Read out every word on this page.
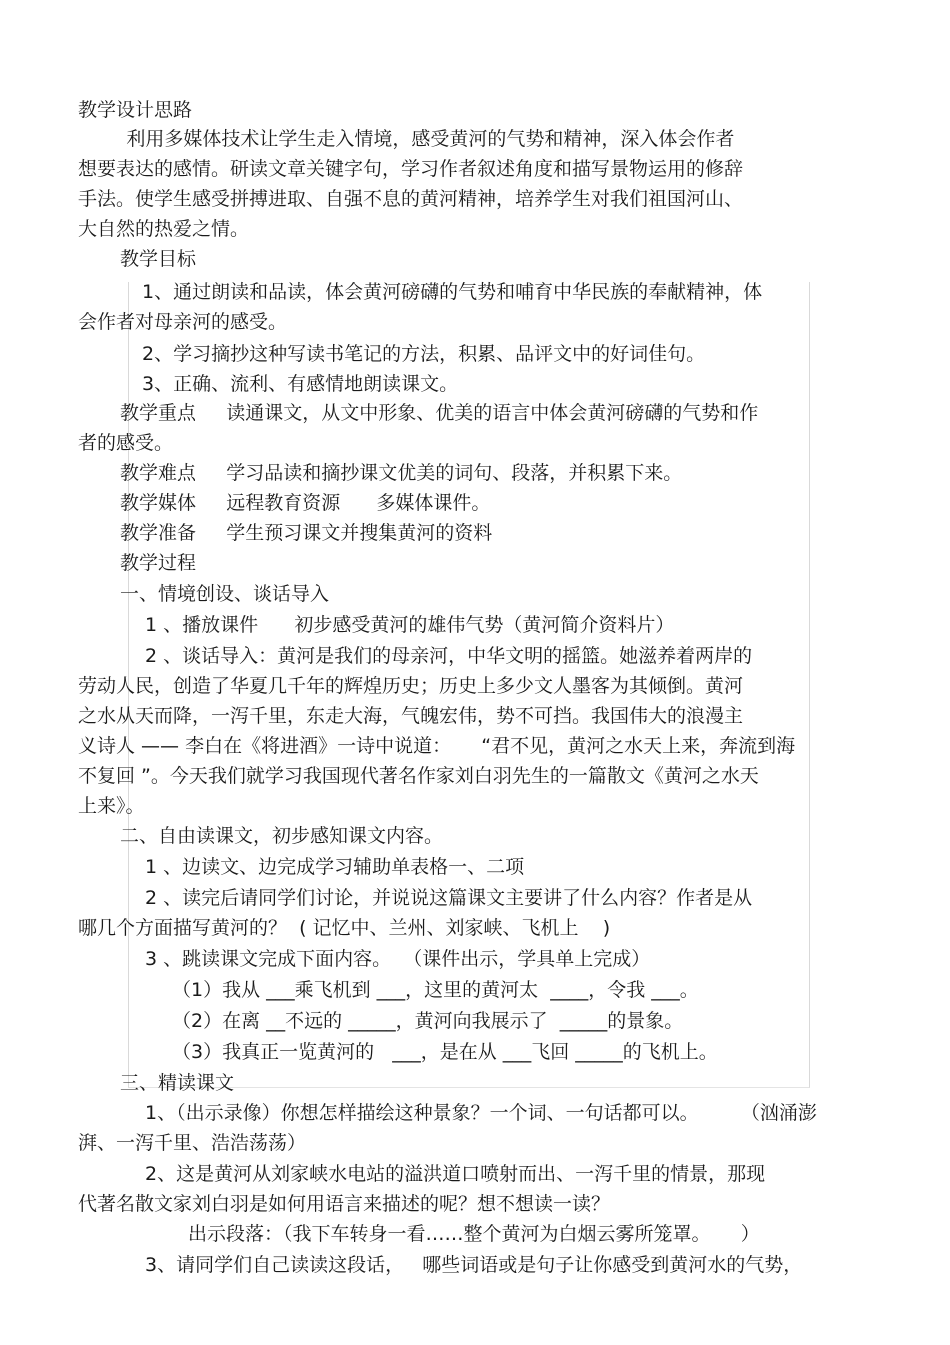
教学设计思路
利用多媒体技术让学生走入情境，感受黄河的气势和精神，深入体会作者
想要表达的感情。研读文章关键字句，学习作者叙述角度和描写景物运用的修辞
手法。使学生感受拼搏进取、自强不息的黄河精神，培养学生对我们祖国河山、
大自然的热爱之情。
教学目标
1、通过朗读和品读，体会黄河磅礴的气势和哺育中华民族的奉献精神，体
会作者对母亲河的感受。
2、学习摘抄这种写读书笔记的方法，积累、品评文中的好词佳句。
3、正确、流利、有感情地朗读课文。
教学重点     读通课文，从文中形象、优美的语言中体会黄河磅礴的气势和作
者的感受。
教学难点     学习品读和摘抄课文优美的词句、段落，并积累下来。
教学媒体     远程教育资源      多媒体课件。
教学准备     学生预习课文并搜集黄河的资料
教学过程
一、情境创设、谈话导入
1 、播放课件      初步感受黄河的雄伟气势（黄河简介资料片）
2 、谈话导入：黄河是我们的母亲河，中华文明的摇篮。她滋养着两岸的
劳动人民，创造了华夏几千年的辉煌历史；历史上多少文人墨客为其倾倒。黄河
之水从天而降，一泻千里，东走大海，气魄宏伟，势不可挡。我国伟大的浪漫主
义诗人 —— 李白在《将进酒》一诗中说道：     “君不见，黄河之水天上来，奔流到海
不复回 ”。今天我们就学习我国现代著名作家刘白羽先生的一篇散文《黄河之水天
上来》。
二、自由读课文，初步感知课文内容。
1 、边读文、边完成学习辅助单表格一、二项
2 、读完后请同学们讨论，并说说这篇课文主要讲了什么内容？作者是从
哪几个方面描写黄河的？  ( 记忆中、兰州、刘家峡、飞机上    )
3 、跳读课文完成下面内容。  （课件出示，学具单上完成）
（1）我从 ___乘飞机到 ___，这里的黄河太  ____，令我 ___。
（2）在离 __不远的 _____，黄河向我展示了  _____的景象。
（3）我真正一览黄河的   ___，是在从 ___飞回 _____的飞机上。
三、精读课文
1、（出示录像）你想怎样描绘这种景象？一个词、一句话都可以。       （汹涌澎
湃、一泻千里、浩浩荡荡）
2、这是黄河从刘家峡水电站的溢洪道口喷射而出、一泻千里的情景，那现
代著名散文家刘白羽是如何用语言来描述的呢？想不想读一读？
出示段落：（我下车转身一看……整个黄河为白烟云雾所笼罩。     ）
3、请同学们自己读读这段话，   哪些词语或是句子让你感受到黄河水的气势，
